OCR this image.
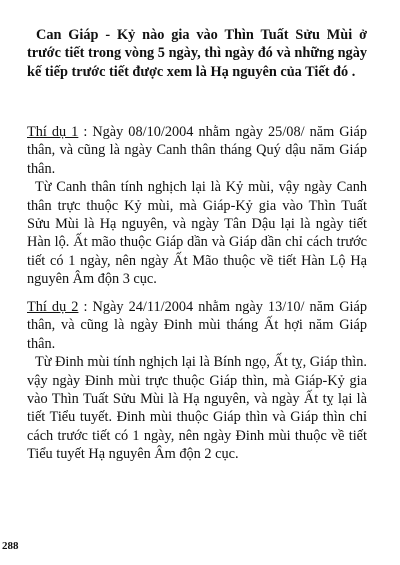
Can Giáp - Kỷ nào gia vào Thìn Tuất Sửu Mùi ở trước tiết trong vòng 5 ngày, thì ngày đó và những ngày kế tiếp trước tiết được xem là Hạ nguyên của Tiết đó .

Thí dụ 1 : Ngày 08/10/2004 nhằm ngày 25/08/ năm Giáp thân, và cũng là ngày Canh thân tháng Quý dậu năm Giáp thân.

Từ Canh thân tính nghịch lại là Kỷ mùi, vậy ngày Canh thân trực thuộc Kỷ mùi, mà Giáp-Kỷ gia vào Thìn Tuất Sửu Mùi là Hạ nguyên, và ngày Tân Dậu lại là ngày tiết Hàn lộ. Ất mão thuộc Giáp dần và Giáp dần chỉ cách trước tiết có 1 ngày, nên ngày Ất Mão thuộc về tiết Hàn Lộ Hạ nguyên Âm độn 3 cục.

Thí dụ 2 : Ngày 24/11/2004 nhằm ngày 13/10/ năm Giáp thân, và cũng là ngày Đinh mùi tháng Ất hợi năm Giáp thân.

Từ Đinh mùi tính nghịch lại là Bính ngọ, Ất tỵ, Giáp thìn. vậy ngày Đinh mùi trực thuộc Giáp thìn, mà Giáp-Kỷ gia vào Thìn Tuất Sửu Mùi là Hạ nguyên, và ngày Ất tỵ lại là tiết Tiểu tuyết. Đinh mùi thuộc Giáp thìn và Giáp thìn chỉ cách trước tiết có 1 ngày, nên ngày Đinh mùi thuộc về tiết Tiểu tuyết Hạ nguyên Âm độn 2 cục.

288
